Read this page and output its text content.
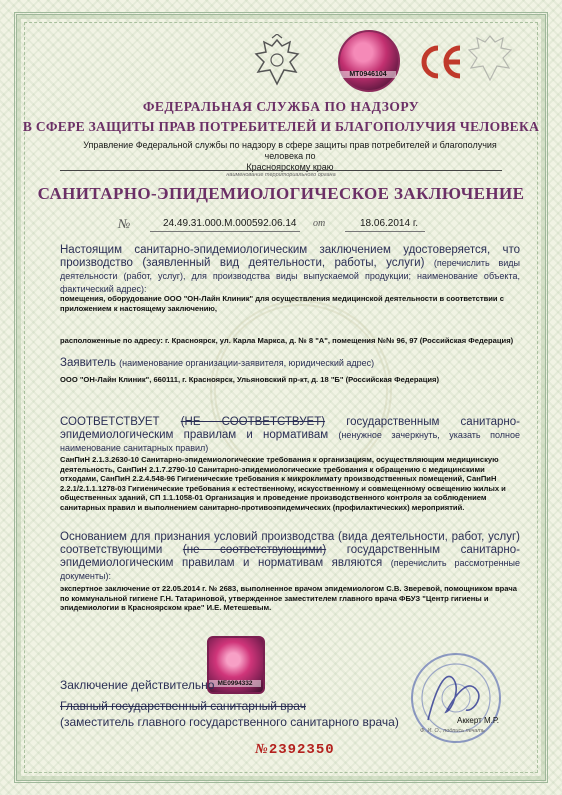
МТ0946104
ФЕДЕРАЛЬНАЯ СЛУЖБА ПО НАДЗОРУ
В СФЕРЕ ЗАЩИТЫ ПРАВ ПОТРЕБИТЕЛЕЙ И БЛАГОПОЛУЧИЯ ЧЕЛОВЕКА
Управление Федеральной службы по надзору в сфере защиты прав потребителей и благополучия человека по
Красноярскому краю
наименование территориального органа
САНИТАРНО-ЭПИДЕМИОЛОГИЧЕСКОЕ ЗАКЛЮЧЕНИЕ
№	24.49.31.000.М.000592.06.14 от	18.06.2014 г.
Настоящим санитарно-эпидемиологическим заключением удостоверяется, что производство (заявленный вид деятельности, работы, услуги) (перечислить виды деятельности (работ, услуг), для производства виды выпускаемой продукции; наименование объекта, фактический адрес):
помещения, оборудование ООО "ОН-Лайн Клиник" для осуществления медицинской деятельности в соответствии с приложением к настоящему заключению,
расположенные по адресу: г. Красноярск, ул. Карла Маркса, д. № 8 "А", помещения №№ 96, 97 (Российская Федерация)
Заявитель (наименование организации-заявителя, юридический адрес)
ООО "ОН-Лайн Клиник", 660111, г. Красноярск, Ульяновский пр-кт, д. 18 "Б" (Российская Федерация)
СООТВЕТСТВУЕТ (НЕ СООТВЕТСТВУЕТ) государственным санитарно-эпидемиологическим правилам и нормативам (ненужное зачеркнуть, указать полное наименование санитарных правил)
СанПиН 2.1.3.2630-10 Санитарно-эпидемиологические требования к организациям, осуществляющим медицинскую деятельность, СанПиН 2.1.7.2790-10 Санитарно-эпидемиологические требования к обращению с медицинскими отходами, СанПиН 2.2.4.548-96 Гигиенические требования к микроклимату производственных помещений, СанПиН 2.2.1/2.1.1.1278-03 Гигиенические требования к естественному, искусственному и совмещенному освещению жилых и общественных зданий, СП 1.1.1058-01 Организация и проведение производственного контроля за соблюдением санитарных правил и выполнением санитарно-противоэпидемических (профилактических) мероприятий.
Основанием для признания условий производства (вида деятельности, работ, услуг) соответствующими (не соответствующими) государственным санитарно-эпидемиологическим правилам и нормативам являются (перечислить рассмотренные документы):
экспертное заключение от 22.05.2014 г. № 2683, выполненное врачом эпидемиологом С.В. Зверевой, помощником врача по коммунальной гигиене Г.Н. Татариновой, утвержденное заместителем главного врача ФБУЗ "Центр гигиены и эпидемиологии в Красноярском крае" И.Е. Метешевым.
МЕ0994332
Заключение действительно
Главный государственный санитарный врач
(заместитель главного государственного санитарного врача)	Аккерт М.Р.
Ф. И. О., подпись печать
№2392350
